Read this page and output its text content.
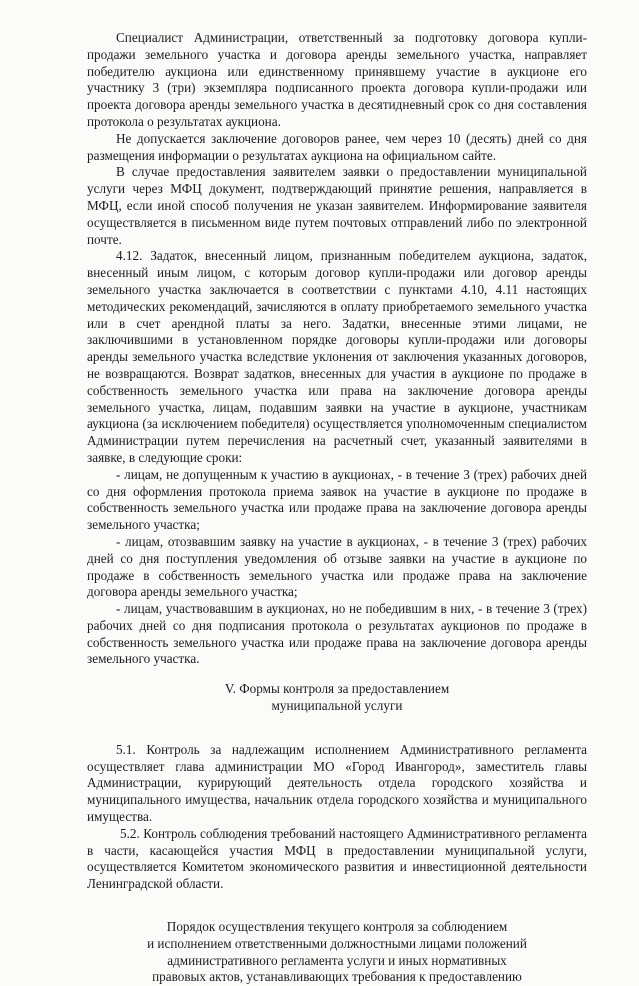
Специалист Администрации, ответственный за подготовку договора купли-продажи земельного участка и договора аренды земельного участка, направляет победителю аукциона или единственному принявшему участие в аукционе его участнику 3 (три) экземпляра подписанного проекта договора купли-продажи или проекта договора аренды земельного участка в десятидневный срок со дня составления протокола о результатах аукциона.

Не допускается заключение договоров ранее, чем через 10 (десять) дней со дня размещения информации о результатах аукциона на официальном сайте.

В случае предоставления заявителем заявки о предоставлении муниципальной услуги через МФЦ документ, подтверждающий принятие решения, направляется в МФЦ, если иной способ получения не указан заявителем. Информирование заявителя осуществляется в письменном виде путем почтовых отправлений либо по электронной почте.

4.12. Задаток, внесенный лицом, признанным победителем аукциона, задаток, внесенный иным лицом, с которым договор купли-продажи или договор аренды земельного участка заключается в соответствии с пунктами 4.10, 4.11 настоящих методических рекомендаций, зачисляются в оплату приобретаемого земельного участка или в счет арендной платы за него. Задатки, внесенные этими лицами, не заключившими в установленном порядке договоры купли-продажи или договоры аренды земельного участка вследствие уклонения от заключения указанных договоров, не возвращаются. Возврат задатков, внесенных для участия в аукционе по продаже в собственность земельного участка или права на заключение договора аренды земельного участка, лицам, подавшим заявки на участие в аукционе, участникам аукциона (за исключением победителя) осуществляется уполномоченным специалистом Администрации путем перечисления на расчетный счет, указанный заявителями в заявке, в следующие сроки:

- лицам, не допущенным к участию в аукционах, - в течение 3 (трех) рабочих дней со дня оформления протокола приема заявок на участие в аукционе по продаже в собственность земельного участка или продаже права на заключение договора аренды земельного участка;

- лицам, отозвавшим заявку на участие в аукционах, - в течение 3 (трех) рабочих дней со дня поступления уведомления об отзыве заявки на участие в аукционе по продаже в собственность земельного участка или продаже права на заключение договора аренды земельного участка;

- лицам, участвовавшим в аукционах, но не победившим в них, - в течение 3 (трех) рабочих дней со дня подписания протокола о результатах аукционов по продаже в собственность земельного участка или продаже права на заключение договора аренды земельного участка.

V. Формы контроля за предоставлением
муниципальной услуги

5.1. Контроль за надлежащим исполнением Административного регламента осуществляет глава администрации МО «Город Ивангород», заместитель главы Администрации, курирующий деятельность отдела городского хозяйства и муниципального имущества, начальник отдела городского хозяйства и муниципального имущества.

5.2. Контроль соблюдения требований настоящего Административного регламента в части, касающейся участия МФЦ в предоставлении муниципальной услуги, осуществляется Комитетом экономического развития и инвестиционной деятельности Ленинградской области.

Порядок осуществления текущего контроля за соблюдением
и исполнением ответственными должностными лицами положений
административного регламента услуги и иных нормативных
правовых актов, устанавливающих требования к предоставлению
